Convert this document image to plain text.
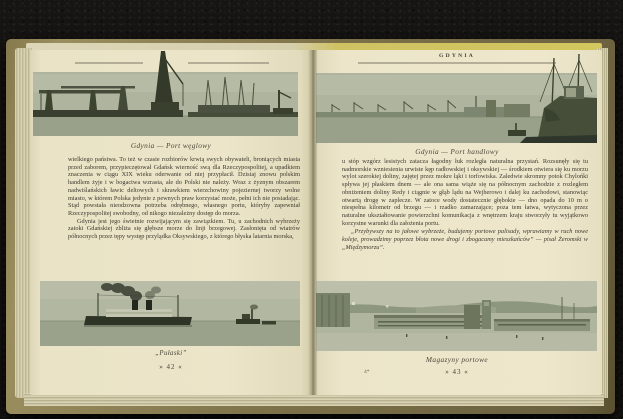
Gdynia — Port węglowy

wielkiego państwa. To też w czasie rozbiorów krwią swych obywateli, broniących miasta przed zaborem, przypieczętował Gdańsk wierność swą dla Rzeczypospolitej, a upadkiem znaczenia w ciągu XIX wieku oderwanie od niej przypłacił. Dzisiaj znowu polskim handlem żyje i w bogactwa wzrasta, ale do Polski nie należy. Wraz z żyznym obszarem nadwiślańskich ławic deltowych i skrawkiem wierzchowiny pojeziernej tworzy wolne miasto, w którem Polska jedynie z pewnych praw korzystać może, pełni ich nie posiadając. Stąd powstała nieodzowna potrzeba odrębnego, własnego portu, któryby zapewniał Rzeczypospolitej swobodny, od nikogo niezależny dostęp do morza.

Gdynia jest jego świetnie rozwijającym się zawiązkiem. Tu, u zachodnich wybrzeży zatoki Gdańskiej zbliża się głębsze morze do linji brzegowej. Zasłonięta od wiatrów północnych przez tępy występ przylądka Oksywskiego, z którego błyska latarnia morska,

„Pułaski”
» 42 «
GDYNIA
Gdynia — Port handlowy

u stóp wzgórz lesistych zatacza łagodny łuk rozległa naturalna przystań. Rozsunęły się tu nadmorskie wzniesienia urwiste kęp radłowskiej i oksywskiej — środkiem otwiera się ku morzu wylot szerokiej doliny, zajętej przez mokre łąki i torfowiska. Zaledwie skromny potok Chylońki spływa jej płaskiem dnem — ale ona sama wiąże się na północnym zachodzie z rozległem obniżeniem doliny Redy i ciągnie w głąb lądu na Wejherowo i dalej ku zachodowi, stanowiąc otwartą drogę w zaplecze. W zatoce wody dostatecznie głębokie — dno opada do 10 m o niespełna kilometr od brzegu — i rzadko zamarzające; poza tem łatwa, wytyczona przez naturalne ukształtowanie powierzchni komunikacja z wnętrzem kraju stworzyły tu wyjątkowo korzystne warunki dla założenia portu.

„Przybywszy na to jałowe wybrzeże, budujemy portowe palisady, wprawiamy w ruch nowe koleje, prowadzimy poprzez błota nowe drogi i zbogacamy mieszkańców” — pisał Żeromski w „Międzymorzu”.

Magazyny portowe
4*	» 43 «
